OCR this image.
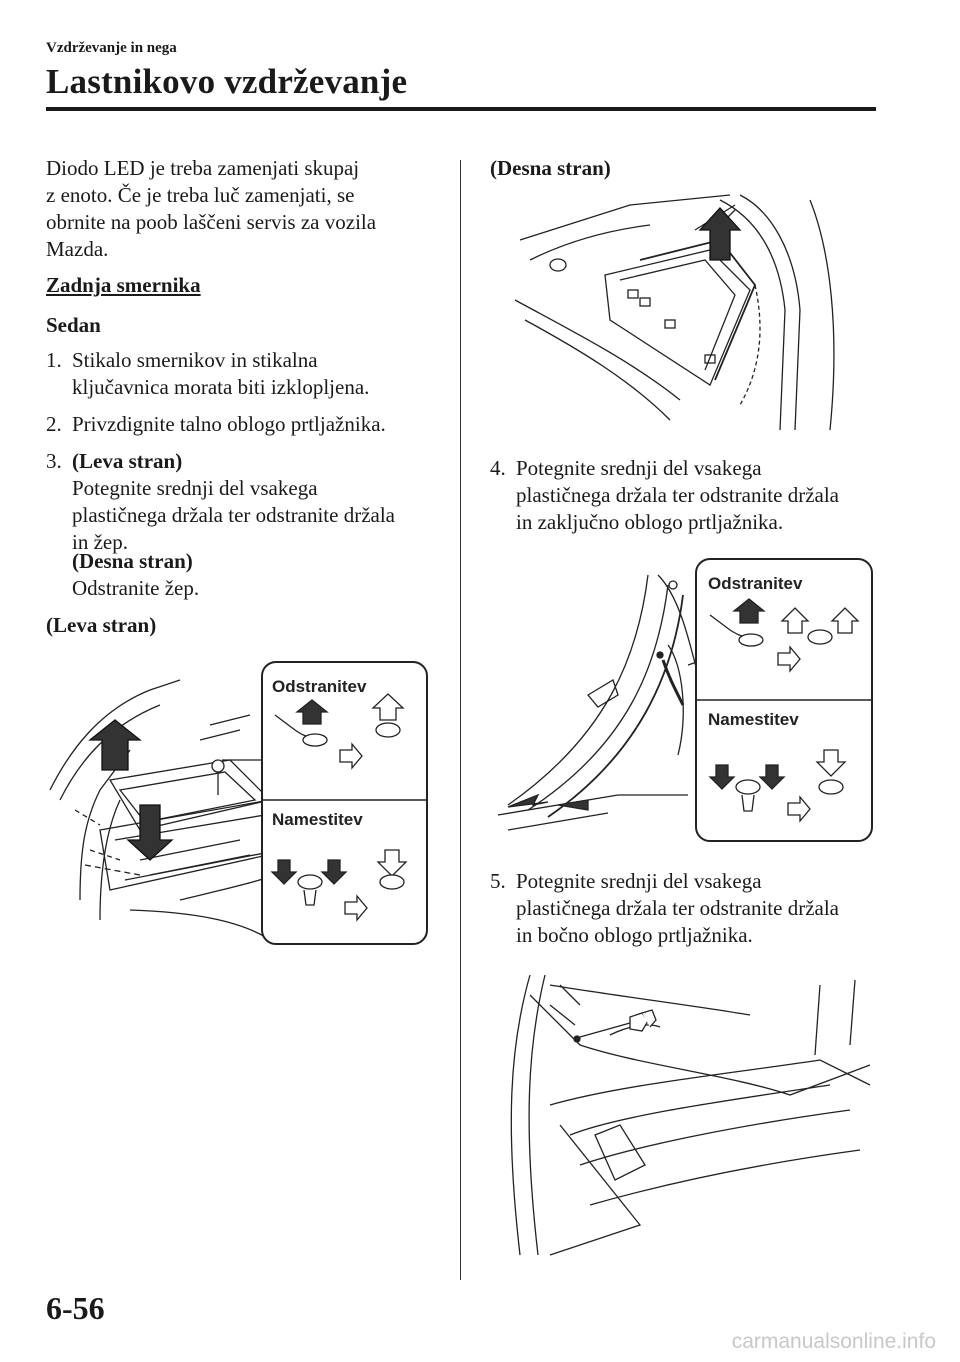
Vzdrževanje in nega
Lastnikovo vzdrževanje
Diodo LED je treba zamenjati skupaj
z enoto. Če je treba luč zamenjati, se
obrnite na poob laščeni servis za vozila
Mazda.
Zadnja smernika
Sedan
1. Stikalo smernikov in stikalna
ključavnica morata biti izklopljena.
2. Privzdignite talno oblogo prtljažnika.
3. (Leva stran)
Potegnite srednji del vsakega
plastičnega držala ter odstranite držala
in žep.
(Desna stran)
Odstranite žep.
(Leva stran)
Odstranitev
Namestitev
(Desna stran)
4. Potegnite srednji del vsakega
plastičnega držala ter odstranite držala
in zaključno oblogo prtljažnika.
Odstranitev
Namestitev
5. Potegnite srednji del vsakega
plastičnega držala ter odstranite držala
in bočno oblogo prtljažnika.
6-56
carmanualsonline.info
